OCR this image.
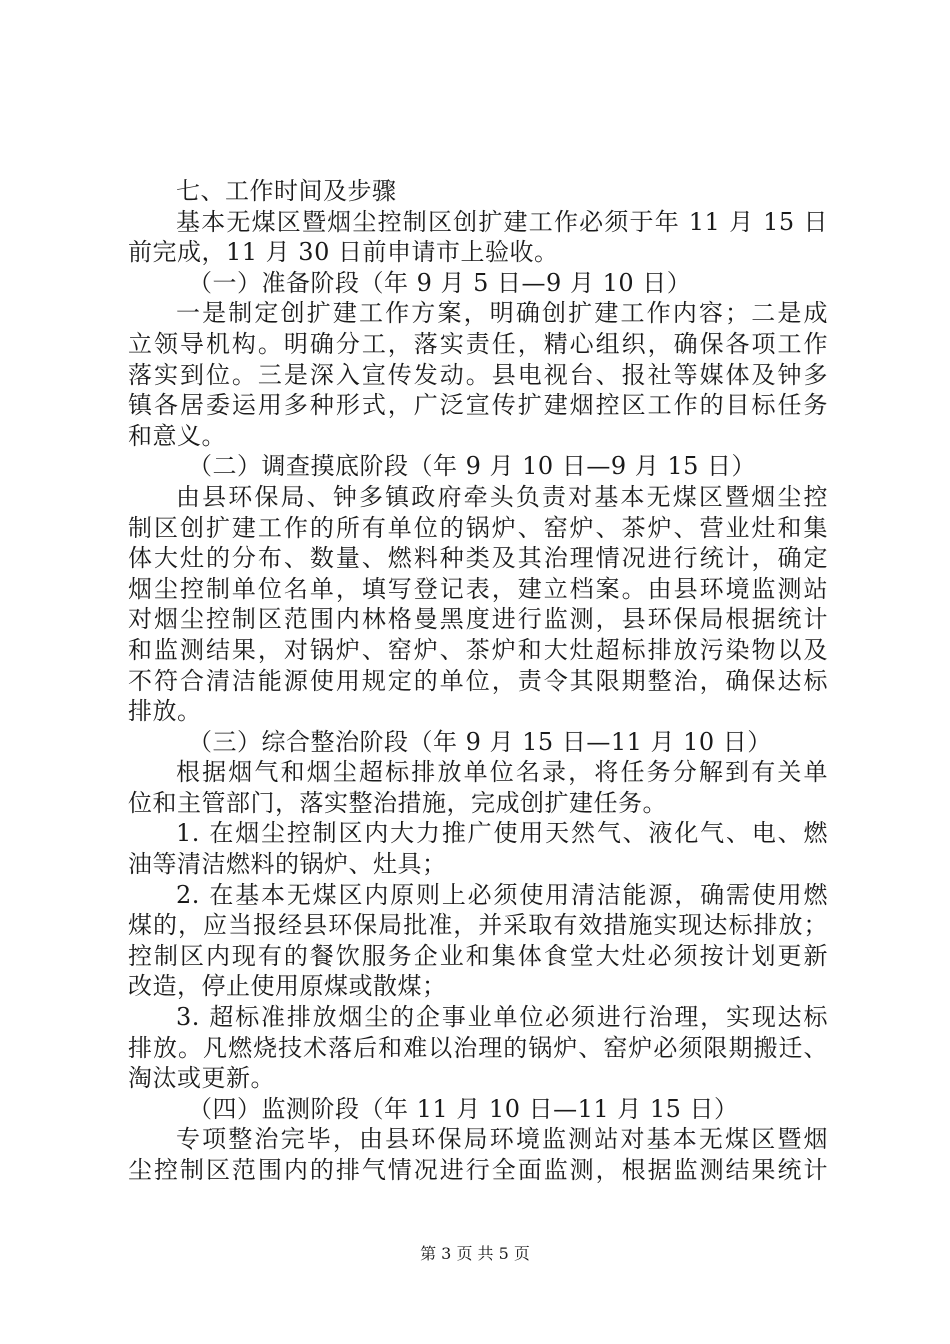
七、工作时间及步骤
基本无煤区暨烟尘控制区创扩建工作必须于年 11 月 15 日
前完成，11 月 30 日前申请市上验收。
（一）准备阶段（年 9 月 5 日—9 月 10 日）
一是制定创扩建工作方案，明确创扩建工作内容；二是成
立领导机构。明确分工，落实责任，精心组织，确保各项工作
落实到位。三是深入宣传发动。县电视台、报社等媒体及钟多
镇各居委运用多种形式，广泛宣传扩建烟控区工作的目标任务
和意义。
（二）调查摸底阶段（年 9 月 10 日—9 月 15 日）
由县环保局、钟多镇政府牵头负责对基本无煤区暨烟尘控
制区创扩建工作的所有单位的锅炉、窑炉、茶炉、营业灶和集
体大灶的分布、数量、燃料种类及其治理情况进行统计，确定
烟尘控制单位名单，填写登记表，建立档案。由县环境监测站
对烟尘控制区范围内林格曼黑度进行监测，县环保局根据统计
和监测结果，对锅炉、窑炉、茶炉和大灶超标排放污染物以及
不符合清洁能源使用规定的单位，责令其限期整治，确保达标
排放。
（三）综合整治阶段（年 9 月 15 日—11 月 10 日）
根据烟气和烟尘超标排放单位名录，将任务分解到有关单
位和主管部门，落实整治措施，完成创扩建任务。
1. 在烟尘控制区内大力推广使用天然气、液化气、电、燃
油等清洁燃料的锅炉、灶具；
2. 在基本无煤区内原则上必须使用清洁能源，确需使用燃
煤的，应当报经县环保局批准，并采取有效措施实现达标排放；
控制区内现有的餐饮服务企业和集体食堂大灶必须按计划更新
改造，停止使用原煤或散煤；
3. 超标准排放烟尘的企事业单位必须进行治理，实现达标
排放。凡燃烧技术落后和难以治理的锅炉、窑炉必须限期搬迁、
淘汰或更新。
（四）监测阶段（年 11 月 10 日—11 月 15 日）
专项整治完毕，由县环保局环境监测站对基本无煤区暨烟
尘控制区范围内的排气情况进行全面监测，根据监测结果统计
第 3 页 共 5 页
